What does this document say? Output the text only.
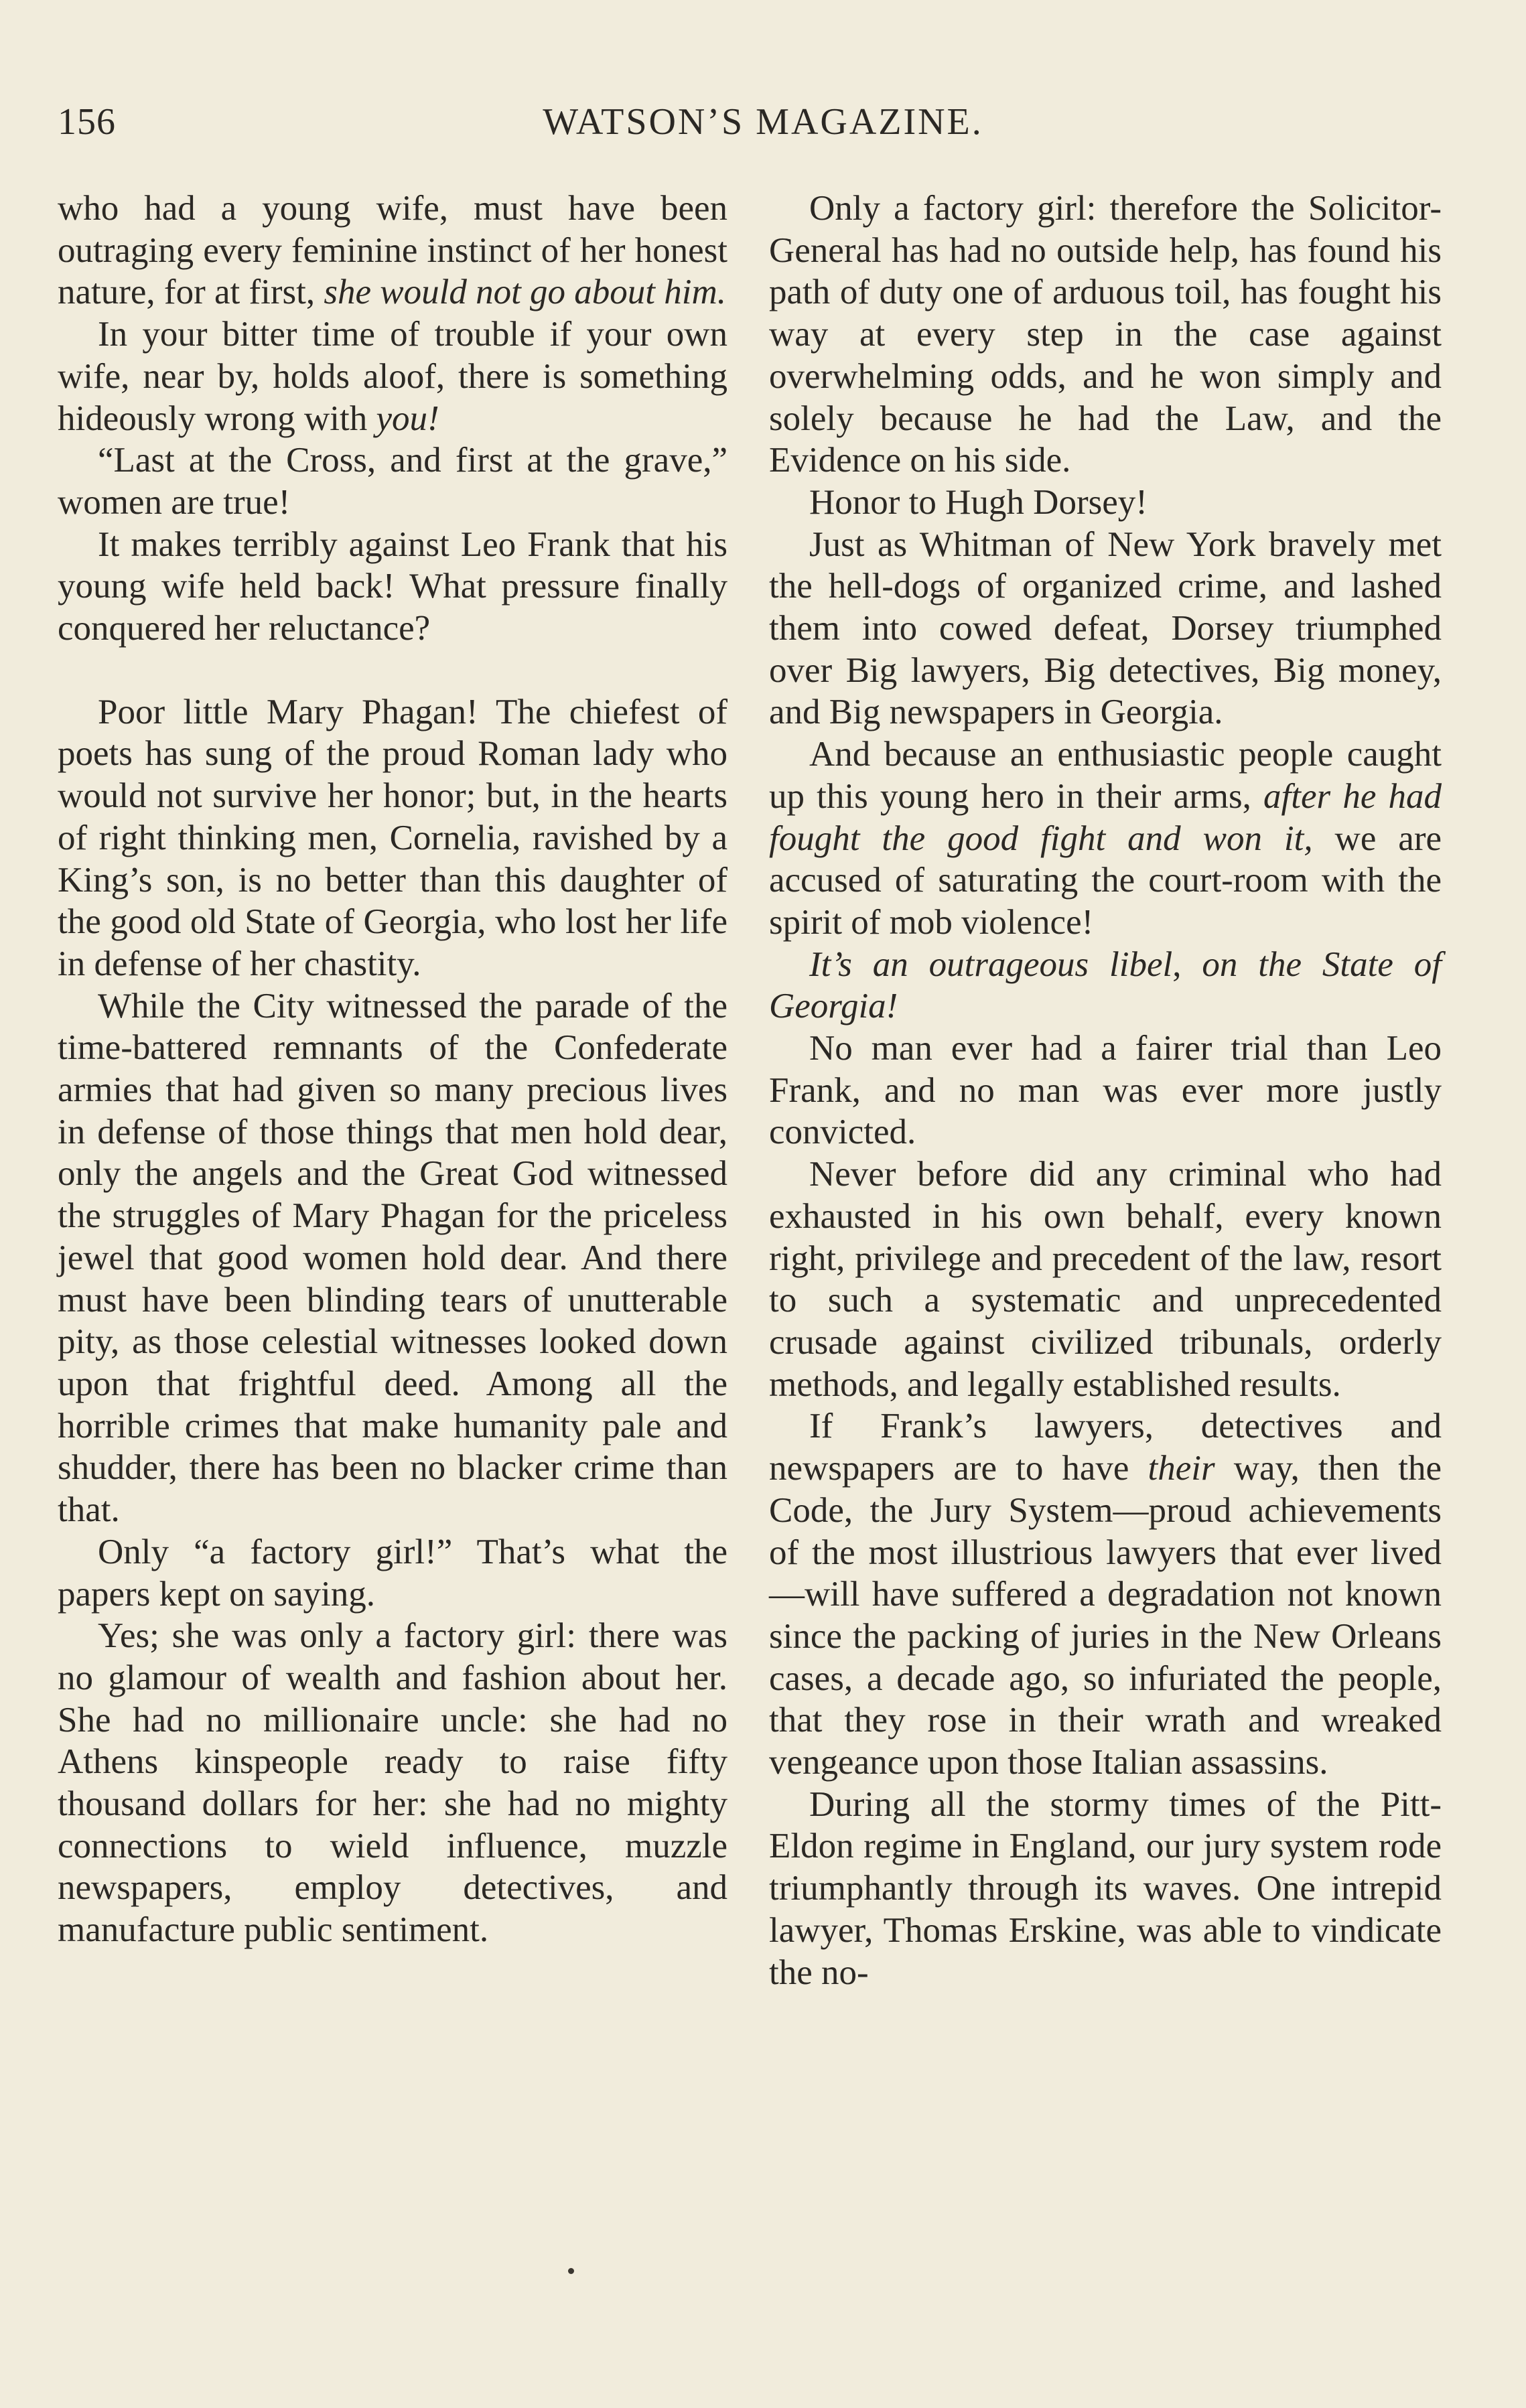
156	WATSON’S MAGAZINE.

who had a young wife, must have been outraging every feminine instinct of her honest nature, for at first, she would not go about him.

In your bitter time of trouble if your own wife, near by, holds aloof, there is something hideously wrong with you!

“Last at the Cross, and first at the grave,” women are true!

It makes terribly against Leo Frank that his young wife held back! What pressure finally conquered her reluctance?

Poor little Mary Phagan! The chiefest of poets has sung of the proud Roman lady who would not survive her honor; but, in the hearts of right thinking men, Cornelia, ravished by a King’s son, is no better than this daughter of the good old State of Georgia, who lost her life in defense of her chastity.

While the City witnessed the parade of the time-battered remnants of the Confederate armies that had given so many precious lives in defense of those things that men hold dear, only the angels and the Great God witnessed the struggles of Mary Phagan for the priceless jewel that good women hold dear. And there must have been blinding tears of unutterable pity, as those celestial witnesses looked down upon that frightful deed. Among all the horrible crimes that make humanity pale and shudder, there has been no blacker crime than that.

Only “a factory girl!” That’s what the papers kept on saying.

Yes; she was only a factory girl: there was no glamour of wealth and fashion about her. She had no millionaire uncle: she had no Athens kinspeople ready to raise fifty thousand dollars for her: she had no mighty connections to wield influence, muzzle newspapers, employ detectives, and manufacture public sentiment.

Only a factory girl: therefore the Solicitor-General has had no outside help, has found his path of duty one of arduous toil, has fought his way at every step in the case against overwhelming odds, and he won simply and solely because he had the Law, and the Evidence on his side.

Honor to Hugh Dorsey!

Just as Whitman of New York bravely met the hell-dogs of organized crime, and lashed them into cowed defeat, Dorsey triumphed over Big lawyers, Big detectives, Big money, and Big newspapers in Georgia.

And because an enthusiastic people caught up this young hero in their arms, after he had fought the good fight and won it, we are accused of saturating the court-room with the spirit of mob violence!

It’s an outrageous libel, on the State of Georgia!

No man ever had a fairer trial than Leo Frank, and no man was ever more justly convicted.

Never before did any criminal who had exhausted in his own behalf, every known right, privilege and precedent of the law, resort to such a systematic and unprecedented crusade against civilized tribunals, orderly methods, and legally established results.

If Frank’s lawyers, detectives and newspapers are to have their way, then the Code, the Jury System—proud achievements of the most illustrious lawyers that ever lived—will have suffered a degradation not known since the packing of juries in the New Orleans cases, a decade ago, so infuriated the people, that they rose in their wrath and wreaked vengeance upon those Italian assassins.

During all the stormy times of the Pitt-Eldon regime in England, our jury system rode triumphantly through its waves. One intrepid lawyer, Thomas Erskine, was able to vindicate the no-
